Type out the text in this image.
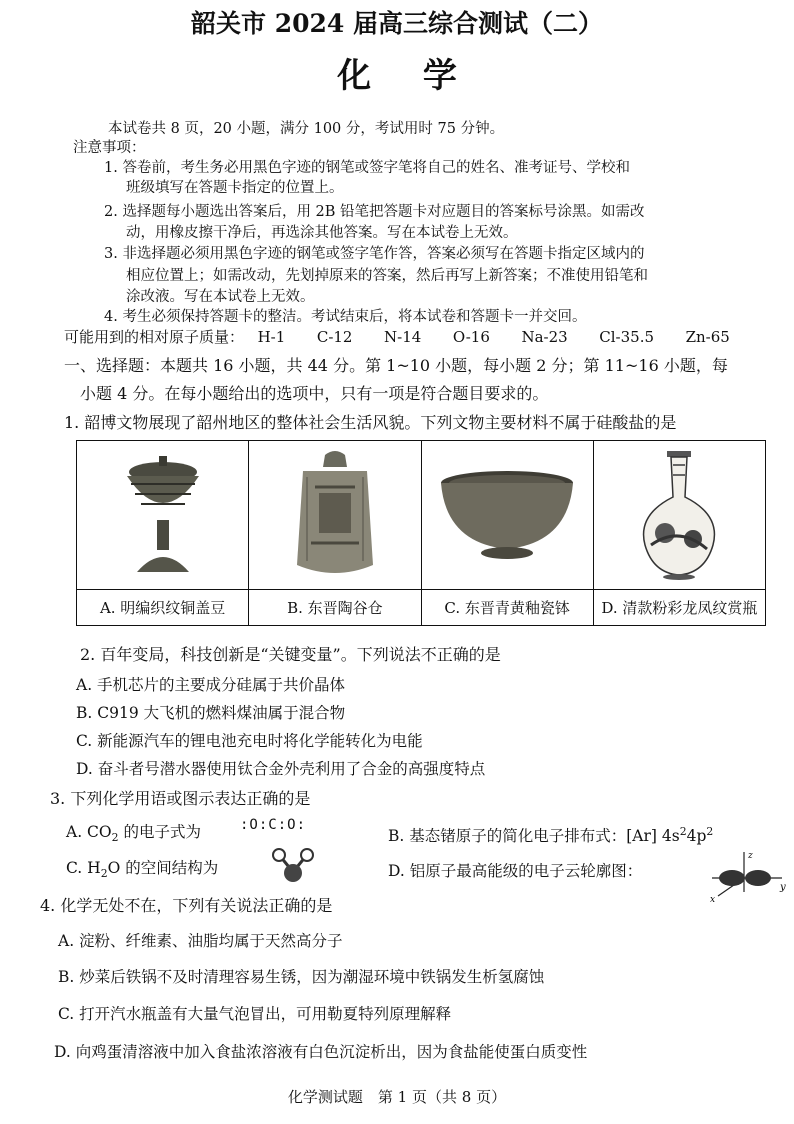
韶关市 2024 届高三综合测试（二）
化 学
本试卷共 8 页，20 小题，满分 100 分，考试用时 75 分钟。
注意事项：
1. 答卷前，考生务必用黑色字迹的钢笔或签字笔将自己的姓名、准考证号、学校和
班级填写在答题卡指定的位置上。
2. 选择题每小题选出答案后，用 2B 铅笔把答题卡对应题目的答案标号涂黑。如需改
动，用橡皮擦干净后，再选涂其他答案。写在本试卷上无效。
3. 非选择题必须用黑色字迹的钢笔或签字笔作答，答案必须写在答题卡指定区域内的
相应位置上；如需改动，先划掉原来的答案，然后再写上新答案；不准使用铅笔和
涂改液。写在本试卷上无效。
4. 考生必须保持答题卡的整洁。考试结束后，将本试卷和答题卡一并交回。
可能用到的相对原子质量： H-1 C-12 N-14 O-16 Na-23 Cl-35.5 Zn-65
一、选择题：本题共 16 小题，共 44 分。第 1~10 小题，每小题 2 分；第 11~16 小题，每
小题 4 分。在每小题给出的选项中，只有一项是符合题目要求的。
1. 韶博文物展现了韶州地区的整体社会生活风貌。下列文物主要材料不属于硅酸盐的是
A. 明编织纹铜盖豆	B. 东晋陶谷仓	C. 东晋青黄釉瓷钵	D. 清款粉彩龙凤纹赏瓶
2. 百年变局，科技创新是“关键变量”。下列说法不正确的是
A. 手机芯片的主要成分硅属于共价晶体
B. C919 大飞机的燃料煤油属于混合物
C. 新能源汽车的锂电池充电时将化学能转化为电能
D. 奋斗者号潜水器使用钛合金外壳利用了合金的高强度特点
3. 下列化学用语或图示表达正确的是
A. $CO_2$ 的电子式为	:O:C:O:
B. 基态锗原子的简化电子排布式：[Ar] $4s^24p^2$
C. $H_2O$ 的空间结构为	D. 铝原子最高能级的电子云轮廓图：
z
y
x
4. 化学无处不在，下列有关说法正确的是
A. 淀粉、纤维素、油脂均属于天然高分子
B. 炒菜后铁锅不及时清理容易生锈，因为潮湿环境中铁锅发生析氢腐蚀
C. 打开汽水瓶盖有大量气泡冒出，可用勒夏特列原理解释
D. 向鸡蛋清溶液中加入食盐浓溶液有白色沉淀析出，因为食盐能使蛋白质变性
化学测试题　第 1 页（共 8 页）
